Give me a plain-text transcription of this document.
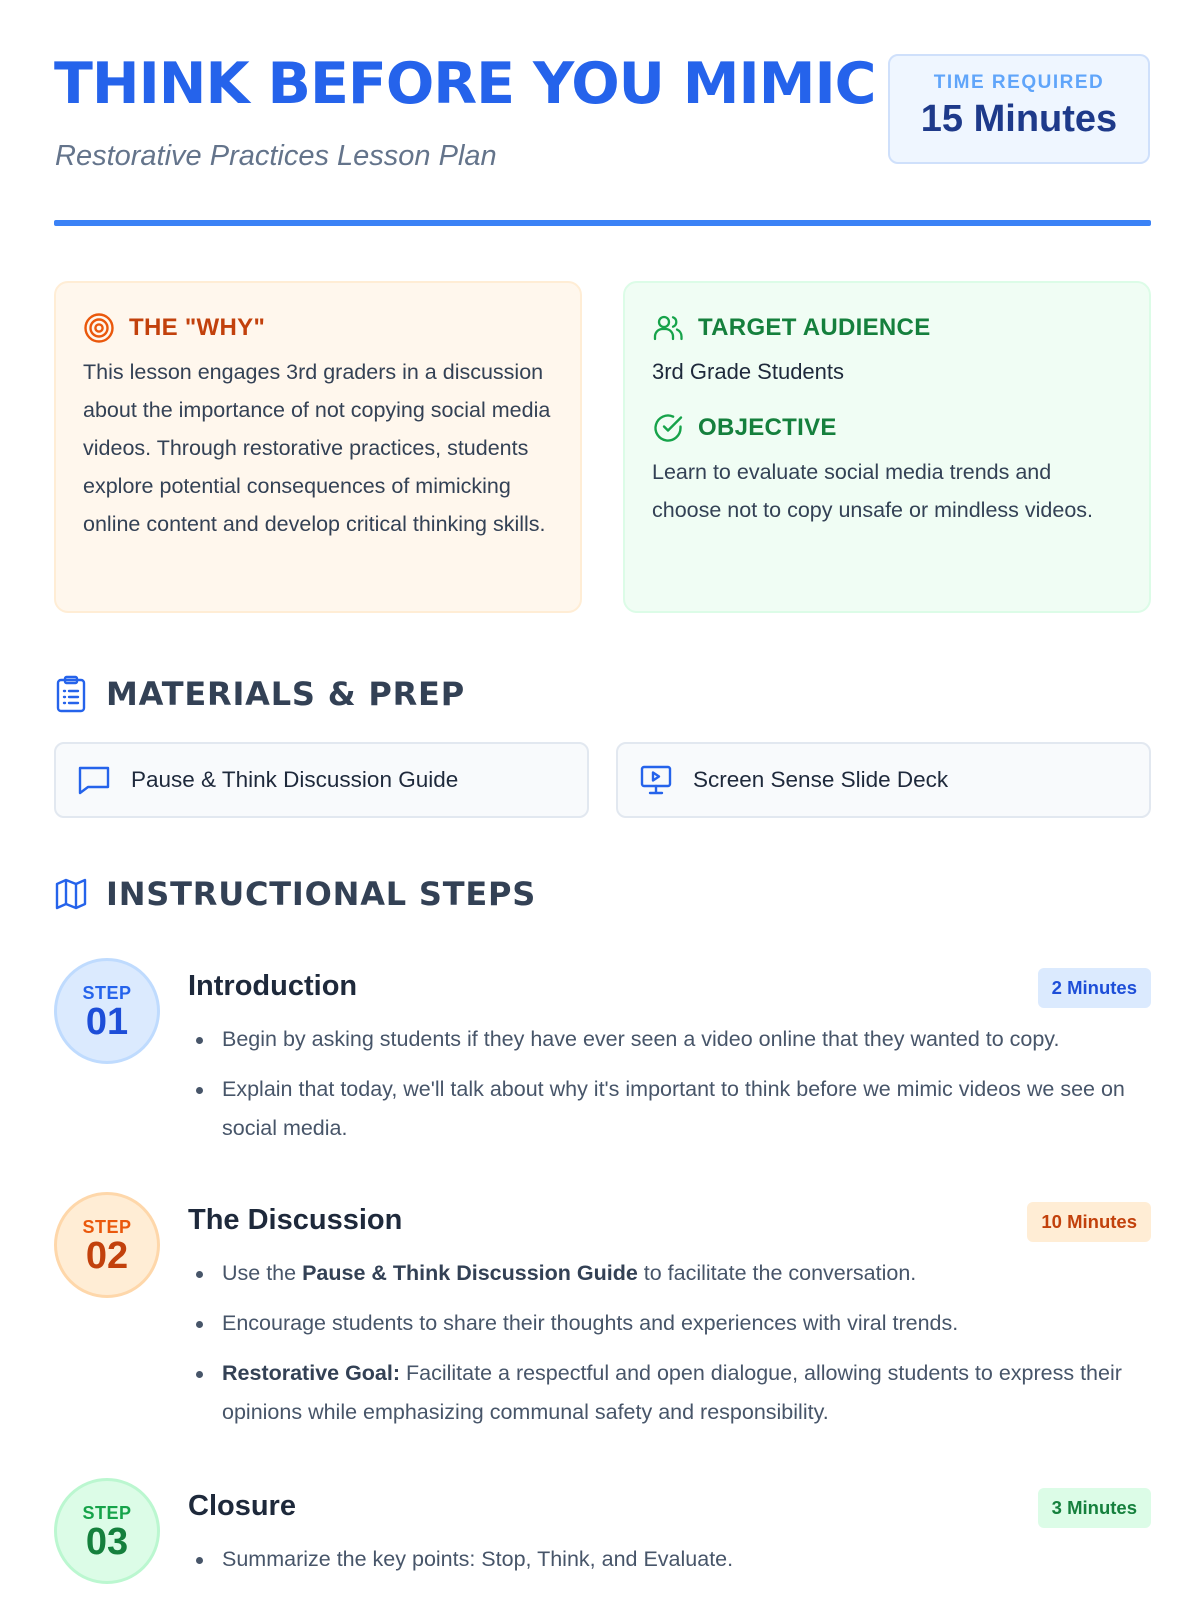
THINK BEFORE YOU MIMIC
Restorative Practices Lesson Plan
TIME REQUIRED
15 Minutes
THE "WHY"
This lesson engages 3rd graders in a discussion about the importance of not copying social media videos. Through restorative practices, students explore potential consequences of mimicking online content and develop critical thinking skills.
TARGET AUDIENCE
3rd Grade Students
OBJECTIVE
Learn to evaluate social media trends and choose not to copy unsafe or mindless videos.
MATERIALS & PREP
Pause & Think Discussion Guide	Screen Sense Slide Deck
INSTRUCTIONAL STEPS
STEP
01
Introduction	2 Minutes
Begin by asking students if they have ever seen a video online that they wanted to copy.
Explain that today, we'll talk about why it's important to think before we mimic videos we see on social media.
STEP
02
The Discussion	10 Minutes
Use the Pause & Think Discussion Guide to facilitate the conversation.
Encourage students to share their thoughts and experiences with viral trends.
Restorative Goal: Facilitate a respectful and open dialogue, allowing students to express their opinions while emphasizing communal safety and responsibility.
STEP
03
Closure	3 Minutes
Summarize the key points: Stop, Think, and Evaluate.
